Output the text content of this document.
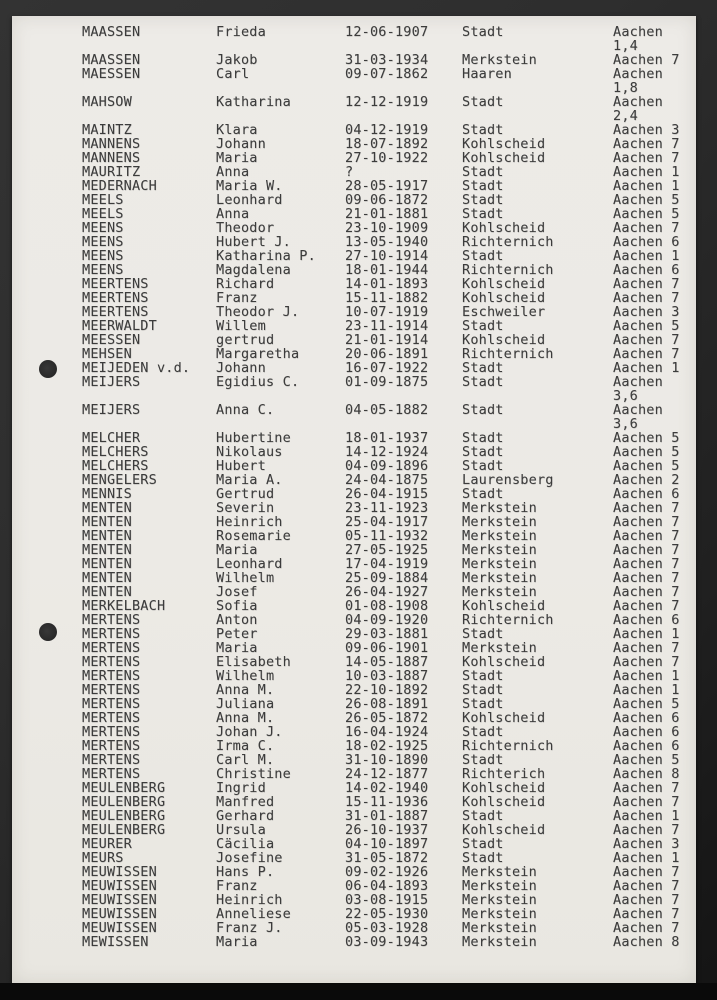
MAASSEN	Frieda	12-06-1907 Stadt	Aachen
1,4
MAASSEN	Jakob	31-03-1934 Merkstein	Aachen 7
MAESSEN	Carl	09-07-1862 Haaren	Aachen
1,8
MAHSOW	Katharina	12-12-1919 Stadt	Aachen
2,4
MAINTZ	Klara	04-12-1919 Stadt	Aachen 3
MANNENS	Johann	18-07-1892 Kohlscheid	Aachen 7
MANNENS	Maria	27-10-1922 Kohlscheid	Aachen 7
MAURITZ	Anna	?	Stadt	Aachen 1
MEDERNACH	Maria W.	28-05-1917 Stadt	Aachen 1
MEELS	Leonhard	09-06-1872 Stadt	Aachen 5
MEELS	Anna	21-01-1881 Stadt	Aachen 5
MEENS	Theodor	23-10-1909 Kohlscheid	Aachen 7
MEENS	Hubert J.	13-05-1940 Richternich	Aachen 6
MEENS	Katharina P. 27-10-1914 Stadt	Aachen 1
MEENS	Magdalena	18-01-1944 Richternich	Aachen 6
MEERTENS	Richard	14-01-1893 Kohlscheid	Aachen 7
MEERTENS	Franz	15-11-1882 Kohlscheid	Aachen 7
MEERTENS	Theodor J.	10-07-1919 Eschweiler	Aachen 3
MEERWALDT	Willem	23-11-1914 Stadt	Aachen 5
MEESSEN	gertrud	21-01-1914 Kohlscheid	Aachen 7
MEHSEN	Margaretha	20-06-1891 Richternich	Aachen 7
MEIJEDEN v.d. Johann	16-07-1922 Stadt	Aachen 1
MEIJERS	Egidius C.	01-09-1875 Stadt	Aachen
3,6
MEIJERS	Anna C.	04-05-1882 Stadt	Aachen
3,6
MELCHER	Hubertine	18-01-1937 Stadt	Aachen 5
MELCHERS	Nikolaus	14-12-1924 Stadt	Aachen 5
MELCHERS	Hubert	04-09-1896 Stadt	Aachen 5
MENGELERS	Maria A.	24-04-1875 Laurensberg	Aachen 2
MENNIS	Gertrud	26-04-1915 Stadt	Aachen 6
MENTEN	Severin	23-11-1923 Merkstein	Aachen 7
MENTEN	Heinrich	25-04-1917 Merkstein	Aachen 7
MENTEN	Rosemarie	05-11-1932 Merkstein	Aachen 7
MENTEN	Maria	27-05-1925 Merkstein	Aachen 7
MENTEN	Leonhard	17-04-1919 Merkstein	Aachen 7
MENTEN	Wilhelm	25-09-1884 Merkstein	Aachen 7
MENTEN	Josef	26-04-1927 Merkstein	Aachen 7
MERKELBACH	Sofia	01-08-1908 Kohlscheid	Aachen 7
MERTENS	Anton	04-09-1920 Richternich	Aachen 6
MERTENS	Peter	29-03-1881 Stadt	Aachen 1
MERTENS	Maria	09-06-1901 Merkstein	Aachen 7
MERTENS	Elisabeth	14-05-1887 Kohlscheid	Aachen 7
MERTENS	Wilhelm	10-03-1887 Stadt	Aachen 1
MERTENS	Anna M.	22-10-1892 Stadt	Aachen 1
MERTENS	Juliana	26-08-1891 Stadt	Aachen 5
MERTENS	Anna M.	26-05-1872 Kohlscheid	Aachen 6
MERTENS	Johan J.	16-04-1924 Stadt	Aachen 6
MERTENS	Irma C.	18-02-1925 Richternich	Aachen 6
MERTENS	Carl M.	31-10-1890 Stadt	Aachen 5
MERTENS	Christine	24-12-1877 Richterich	Aachen 8
MEULENBERG	Ingrid	14-02-1940 Kohlscheid	Aachen 7
MEULENBERG	Manfred	15-11-1936 Kohlscheid	Aachen 7
MEULENBERG	Gerhard	31-01-1887 Stadt	Aachen 1
MEULENBERG	Ursula	26-10-1937 Kohlscheid	Aachen 7
MEURER	Cäcilia	04-10-1897 Stadt	Aachen 3
MEURS	Josefine	31-05-1872 Stadt	Aachen 1
MEUWISSEN	Hans P.	09-02-1926 Merkstein	Aachen 7
MEUWISSEN	Franz	06-04-1893 Merkstein	Aachen 7
MEUWISSEN	Heinrich	03-08-1915 Merkstein	Aachen 7
MEUWISSEN	Anneliese	22-05-1930 Merkstein	Aachen 7
MEUWISSEN	Franz J.	05-03-1928 Merkstein	Aachen 7
MEWISSEN	Maria	03-09-1943 Merkstein	Aachen 8
